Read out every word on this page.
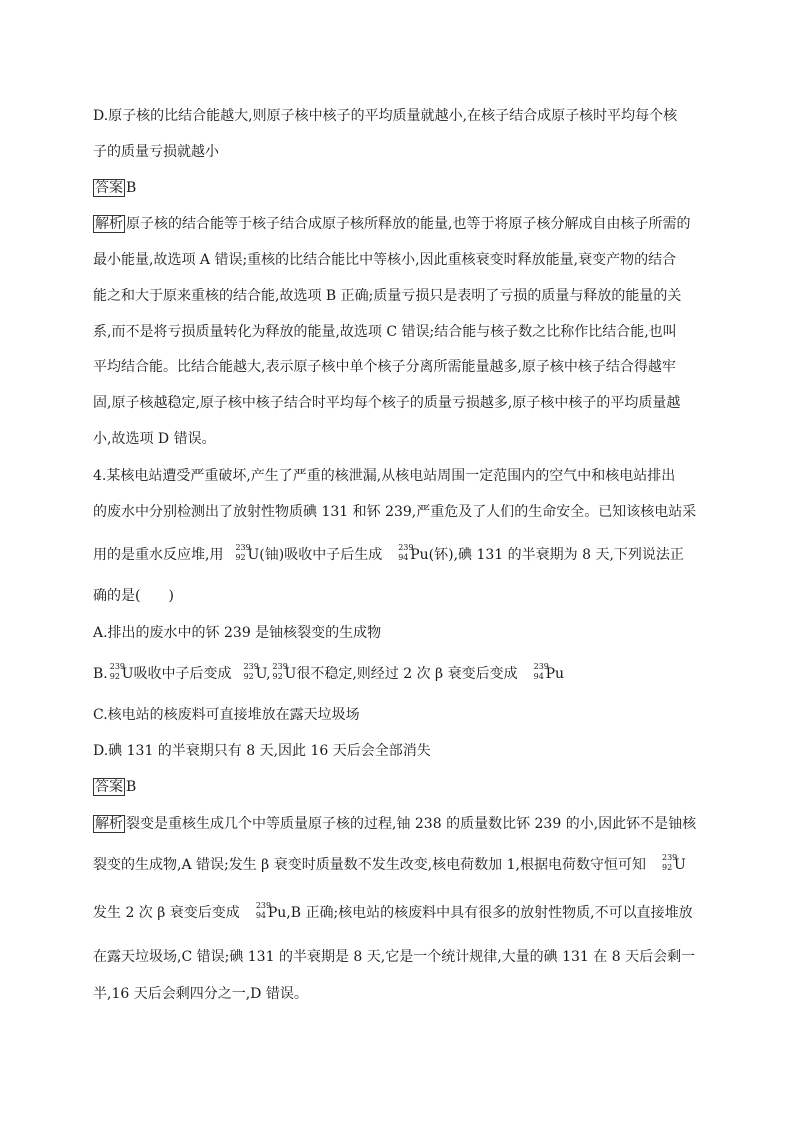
D.原子核的比结合能越大,则原子核中核子的平均质量就越小,在核子结合成原子核时平均每个核

子的质量亏损就越小

答案 B

解析 原子核的结合能等于核子结合成原子核所释放的能量,也等于将原子核分解成自由核子所需的

最小能量,故选项 A 错误;重核的比结合能比中等核小,因此重核衰变时释放能量,衰变产物的结合

能之和大于原来重核的结合能,故选项 B 正确;质量亏损只是表明了亏损的质量与释放的能量的关

系,而不是将亏损质量转化为释放的能量,故选项 C 错误;结合能与核子数之比称作比结合能,也叫

平均结合能。比结合能越大,表示原子核中单个核子分离所需能量越多,原子核中核子结合得越牢

固,原子核越稳定,原子核中核子结合时平均每个核子的质量亏损越多,原子核中核子的平均质量越

小,故选项 D 错误。

4.某核电站遭受严重破坏,产生了严重的核泄漏,从核电站周围一定范围内的空气中和核电站排出

的废水中分别检测出了放射性物质碘 131 和钚 239,严重危及了人们的生命安全。已知该核电站采

用的是重水反应堆,用 239
92 U(铀)吸收中子后生成 239
94 Pu(钚),碘 131 的半衰期为 8 天,下列说法正

确的是(　　)

A.排出的废水中的钚 239 是铀核裂变的生成物

B. 239
92 U吸收中子后变成 239
92 U, 239
92 U很不稳定,则经过 2 次 β 衰变后变成 239
94 Pu

C.核电站的核废料可直接堆放在露天垃圾场

D.碘 131 的半衰期只有 8 天,因此 16 天后会全部消失

答案 B

解析 裂变是重核生成几个中等质量原子核的过程,铀 238 的质量数比钚 239 的小,因此钚不是铀核

裂变的生成物,A 错误;发生 β 衰变时质量数不发生改变,核电荷数加 1,根据电荷数守恒可知 239
92 U

发生 2 次 β 衰变后变成 239
94 Pu,B 正确;核电站的核废料中具有很多的放射性物质,不可以直接堆放

在露天垃圾场,C 错误;碘 131 的半衰期是 8 天,它是一个统计规律,大量的碘 131 在 8 天后会剩一

半,16 天后会剩四分之一,D 错误。
